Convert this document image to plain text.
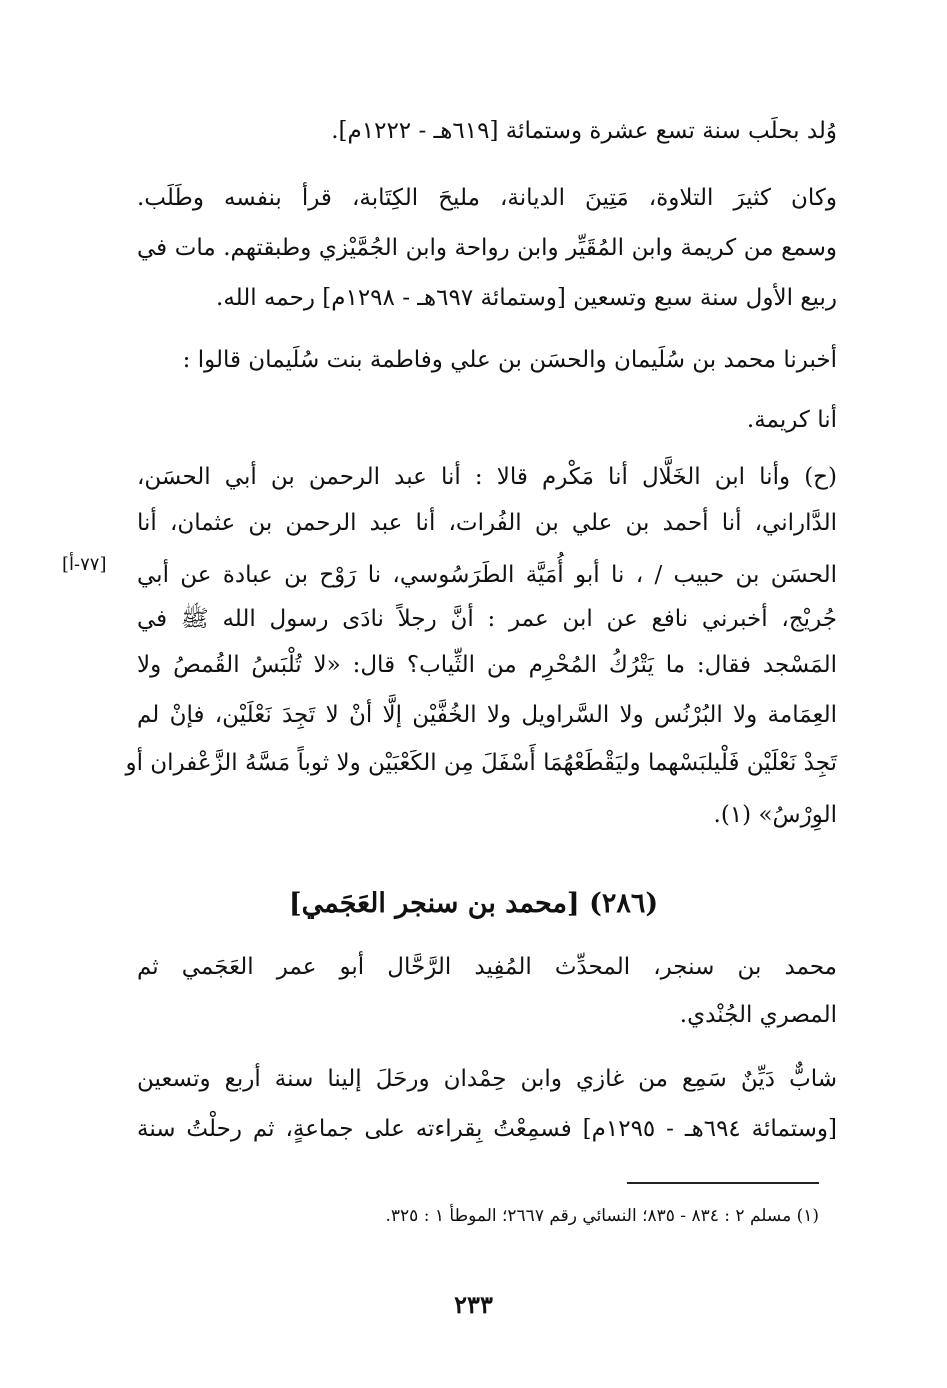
وُلد بحلَب سنة تسع عشرة وستمائة [٦١٩هـ - ١٢٢٢م].
وكان كثيرَ التلاوة، مَتِينَ الديانة، مليحَ الكِتَابة، قرأ بنفسه وطَلَب.
وسمع من كريمة وابن المُقَيِّر وابن رواحة وابن الجُمَّيْزي وطبقتهم. مات في
ربيع الأول سنة سبع وتسعين [وستمائة ٦٩٧هـ - ١٢٩٨م] رحمه الله.
أخبرنا محمد بن سُلَيمان والحسَن بن علي وفاطمة بنت سُلَيمان قالوا :
أنا كريمة.
(ح) وأنا ابن الخَلَّال أنا مَكْرم قالا : أنا عبد الرحمن بن أبي الحسَن،
الدَّاراني، أنا أحمد بن علي بن الفُرات، أنا عبد الرحمن بن عثمان، أنا
الحسَن بن حبيب / ، نا أبو أُمَيَّة الطَرَسُوسي، نا رَوْح بن عبادة عن أبي
[٧٧-أ]
جُريْج، أخبرني نافع عن ابن عمر : أنَّ رجلاً نادَى رسول الله ﷺ في
المَسْجد فقال: ما يَتْرُكُ المُحْرِم من الثِّياب؟ قال: «لا تُلْبَسُ القُمصُ ولا
العِمَامة ولا البُرْنُس ولا السَّراويل ولا الخُفَّيْن إلَّا أنْ لا تَجِدَ نَعْلَيْن، فإنْ لم
تَجِدْ نَعْلَيْن فَلْيلبَسْهما وليَقْطَعْهُمَا أَسْفَلَ مِن الكَعْبَيْن ولا ثوباً مَسَّهُ الزَّعْفران أو
الوِرْسُ» (١).
(٢٨٦) [محمد بن سنجر العَجَمي]
محمد بن سنجر، المحدِّث المُفِيد الرَّحَّال أبو عمر العَجَمي ثم
المصري الجُنْدي.
شابٌّ دَيِّنٌ سَمِع من غازي وابن حِمْدان ورحَلَ إلينا سنة أربع وتسعين
[وستمائة ٦٩٤هـ - ١٢٩٥م] فسمِعْتُ بِقراءته على جماعةٍ، ثم رحلْتُ سنة
(١) مسلم ٢ : ٨٣٤ - ٨٣٥؛ النسائي رقم ٢٦٦٧؛ الموطأ ١ : ٣٢٥.
٢٣٣
